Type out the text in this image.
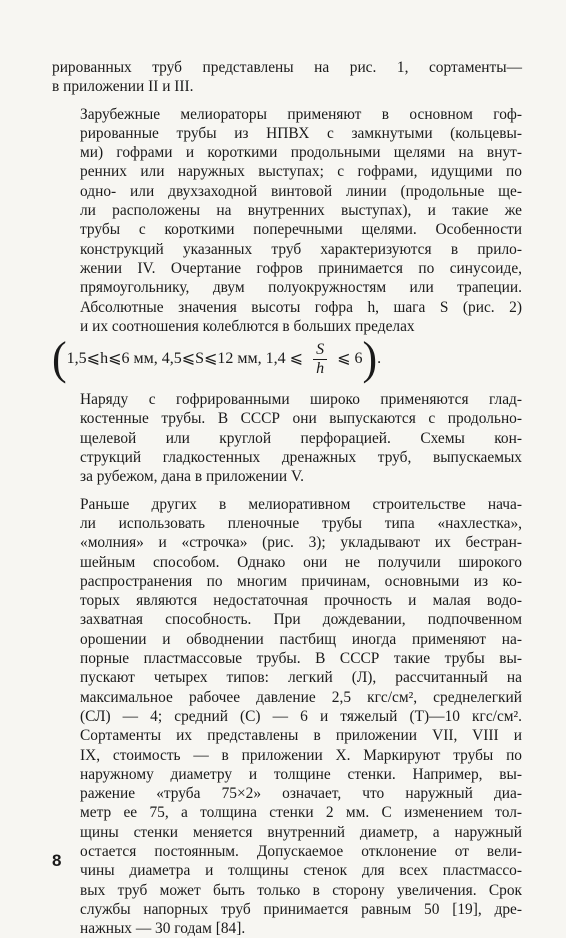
рированных труб представлены на рис. 1, сортаменты—
в приложении II и III.

Зарубежные мелиораторы применяют в основном гоф-
рированные трубы из НПВХ с замкнутыми (кольцевы-
ми) гофрами и короткими продольными щелями на внут-
ренних или наружных выступах; с гофрами, идущими по
одно- или двухзаходной винтовой линии (продольные ще-
ли расположены на внутренних выступах), и такие же
трубы с короткими поперечными щелями. Особенности
конструкций указанных труб характеризуются в прило-
жении IV. Очертание гофров принимается по синусоиде,
прямоугольнику, двум полуокружностям или трапеции.
Абсолютные значения высоты гофра h, шага S (рис. 2)
и их соотношения колеблются в больших пределах

( 1,5⩽h⩽6 мм, 4,5⩽S⩽12 мм, 1,4 ⩽ $\frac{S}{h}$ ⩽ 6 ) .

Наряду с гофрированными широко применяются глад-
костенные трубы. В СССР они выпускаются с продольно-
щелевой или круглой перфорацией. Схемы кон-
струкций гладкостенных дренажных труб, выпускаемых
за рубежом, дана в приложении V.

Раньше других в мелиоративном строительстве нача-
ли использовать пленочные трубы типа «нахлестка»,
«молния» и «строчка» (рис. 3); укладывают их бестран-
шейным способом. Однако они не получили широкого
распространения по многим причинам, основными из ко-
торых являются недостаточная прочность и малая водо-
захватная способность. При дождевании, подпочвенном
орошении и обводнении пастбищ иногда применяют на-
порные пластмассовые трубы. В СССР такие трубы вы-
пускают четырех типов: легкий (Л), рассчитанный на
максимальное рабочее давление 2,5 кгс/см², среднелегкий
(СЛ) — 4; средний (С) — 6 и тяжелый (Т)—10 кгс/см².
Сортаменты их представлены в приложении VII, VIII и
IX, стоимость — в приложении X. Маркируют трубы по
наружному диаметру и толщине стенки. Например, вы-
ражение «труба 75×2» означает, что наружный диа-
метр ее 75, а толщина стенки 2 мм. С изменением тол-
щины стенки меняется внутренний диаметр, а наружный
остается постоянным. Допускаемое отклонение от вели-
чины диаметра и толщины стенок для всех пластмассо-
вых труб может быть только в сторону увеличения. Срок
службы напорных труб принимается равным 50 [19], дре-
нажных — 30 годам [84].

8
